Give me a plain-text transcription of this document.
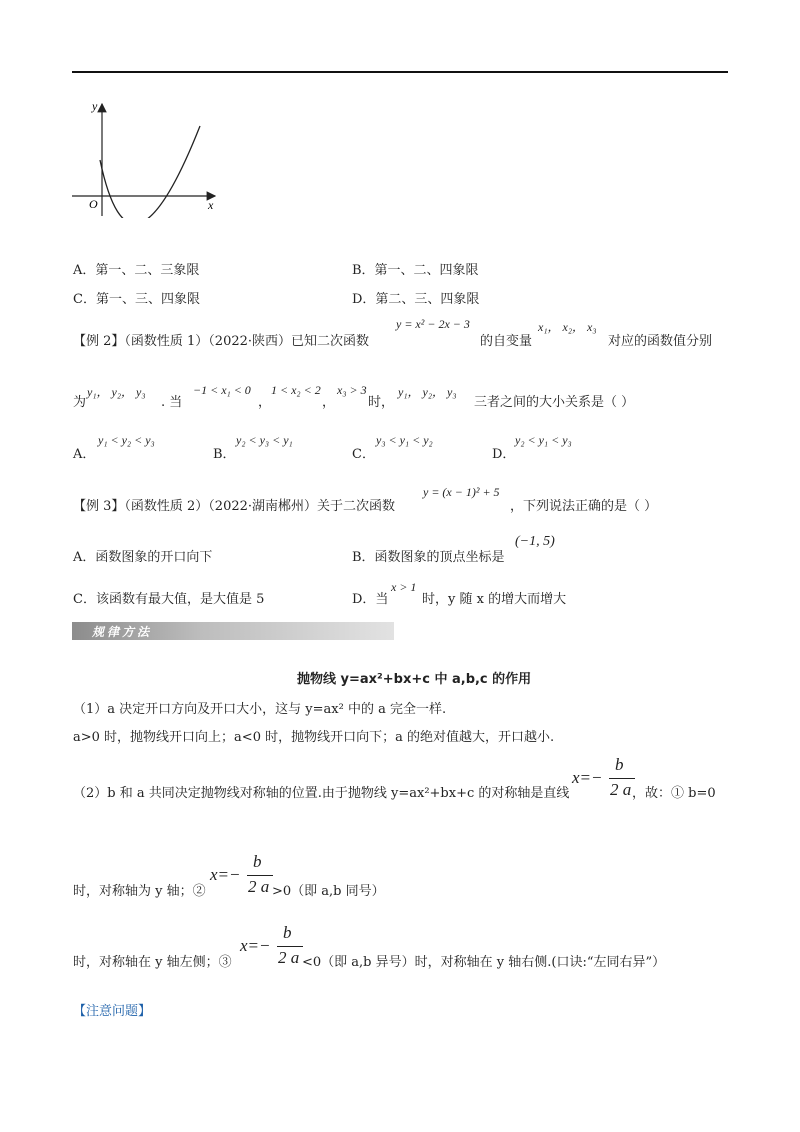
y
x
O
A．第一、二、三象限	B．第一、二、四象限
C．第一、三、四象限	D．第二、三、四象限
【例 2】（函数性质 1）（2022·陕西）已知二次函数
y = x² − 2x − 3
的自变量
x₁， x₂， x₃
对应的函数值分别
为
y₁， y₂， y₃
. 当
−1 < x₁ < 0
，
1 < x₂ < 2
，
x₃ > 3
时，
y₁， y₂， y₃
三者之间的大小关系是（ ）
A．
y₁ < y₂ < y₃
B．
y₂ < y₃ < y₁
C．
y₃ < y₁ < y₂
D．
y₂ < y₁ < y₃
【例 3】（函数性质 2）（2022·湖南郴州）关于二次函数
y = (x − 1)² + 5
，下列说法正确的是（ ）
A．函数图象的开口向下	B．函数图象的顶点坐标是
(−1, 5)
C．该函数有最大值，是大值是 5	D．当
x > 1
时，y 随 x 的增大而增大
规律方法
抛物线 y=ax²+bx+c 中 a,b,c 的作用
（1）a 决定开口方向及开口大小，这与 y=ax² 中的 a 完全一样.
a>0 时，抛物线开口向上；a<0 时，抛物线开口向下；a 的绝对值越大，开口越小.
（2）b 和 a 共同决定抛物线对称轴的位置.由于抛物线 y=ax²+bx+c 的对称轴是直线
x=−
b
2 a ，故：① b=0
时，对称轴为 y 轴；②
x=−
b
2 a >0（即 a,b 同号）
时，对称轴在 y 轴左侧；③
x=−
b
2 a <0（即 a,b 异号）时，对称轴在 y 轴右侧.(口诀:“左同右异”）
【注意问题】
